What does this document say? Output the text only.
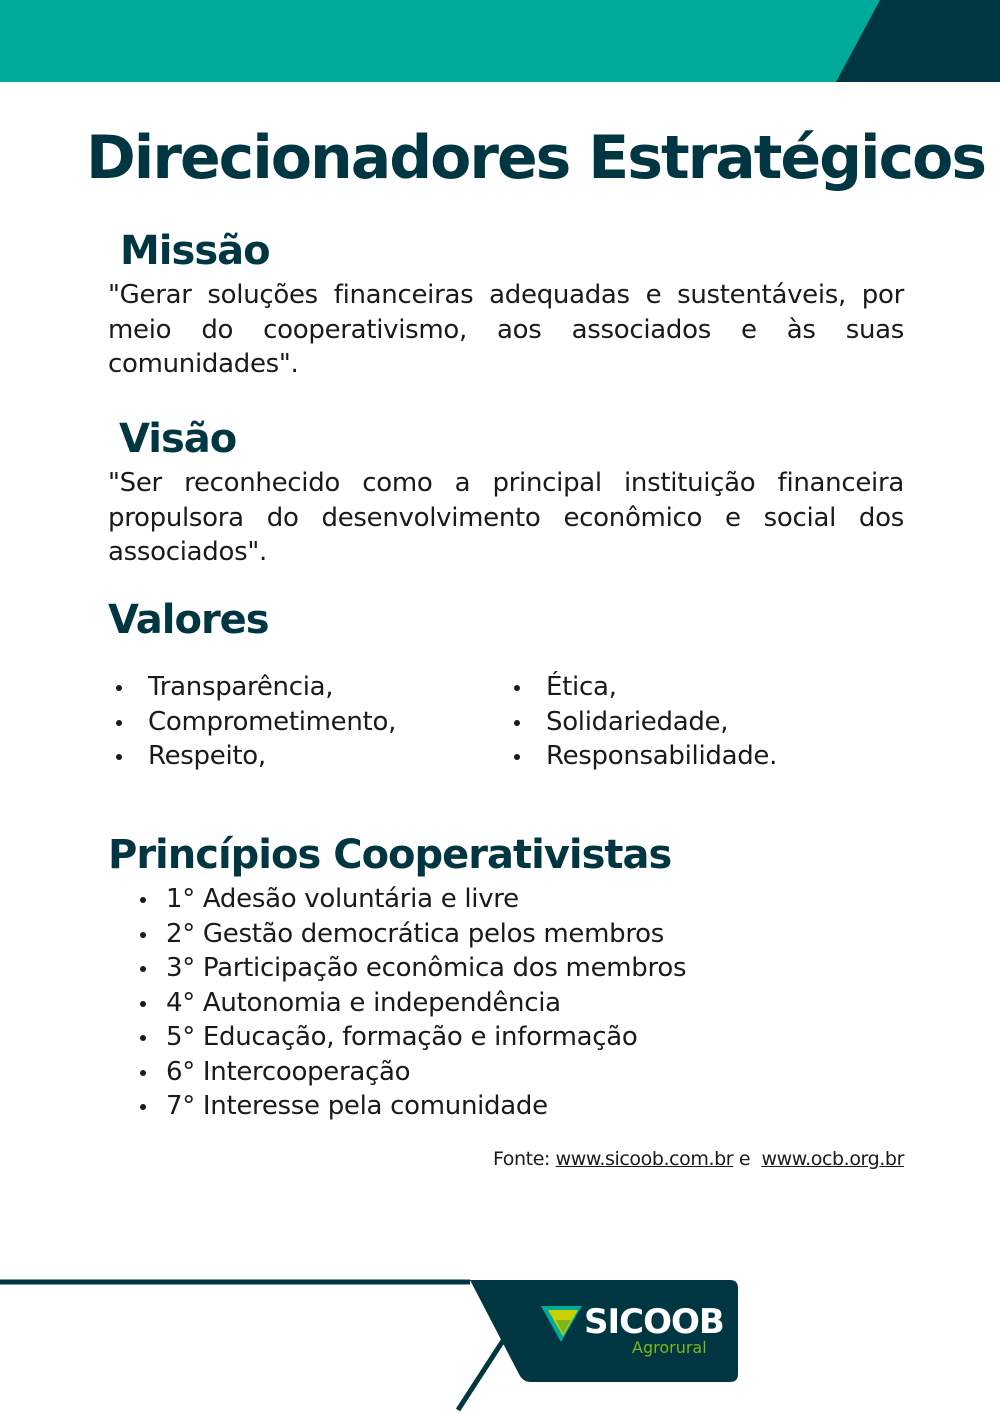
Direcionadores Estratégicos
Missão

"Gerar soluções financeiras adequadas e sustentáveis, por meio do cooperativismo, aos associados e às suas comunidades".

Visão

"Ser reconhecido como a principal instituição financeira propulsora do desenvolvimento econômico e social dos associados".

Valores
Transparência,
Comprometimento,
Respeito,
Ética,
Solidariedade,
Responsabilidade.
Princípios Cooperativistas
1° Adesão voluntária e livre
2° Gestão democrática pelos membros
3° Participação econômica dos membros
4° Autonomia e independência
5° Educação, formação e informação
6° Intercooperação
7° Interesse pela comunidade

Fonte: www.sicoob.com.br e  www.ocb.org.br

SICOOB
Agrorural
